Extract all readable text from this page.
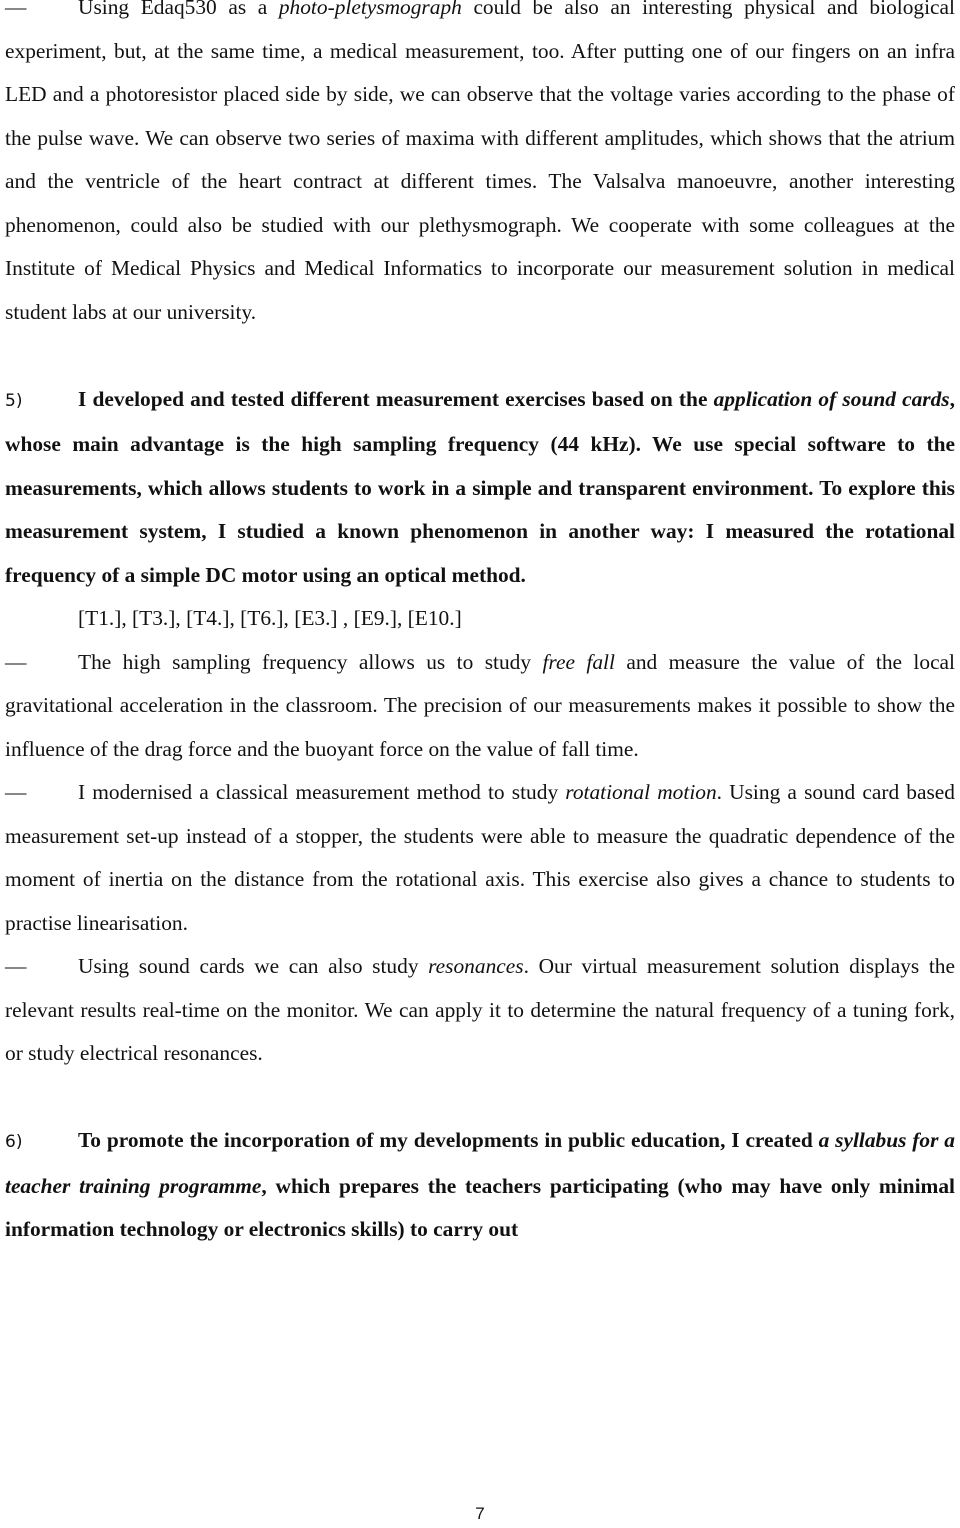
— Using Edaq530 as a photo-pletysmograph could be also an interesting physical and biological experiment, but, at the same time, a medical measurement, too. After putting one of our fingers on an infra LED and a photoresistor placed side by side, we can observe that the voltage varies according to the phase of the pulse wave. We can observe two series of maxima with different amplitudes, which shows that the atrium and the ventricle of the heart contract at different times. The Valsalva manoeuvre, another interesting phenomenon, could also be studied with our plethysmograph. We cooperate with some colleagues at the Institute of Medical Physics and Medical Informatics to incorporate our measurement solution in medical student labs at our university.

5)	I developed and tested different measurement exercises based on the application of sound cards, whose main advantage is the high sampling frequency (44 kHz). We use special software to the measurements, which allows students to work in a simple and transparent environment. To explore this measurement system, I studied a known phenomenon in another way: I measured the rotational frequency of a simple DC motor using an optical method.

[T1.], [T3.], [T4.], [T6.], [E3.] , [E9.], [E10.]

— The high sampling frequency allows us to study free fall and measure the value of the local gravitational acceleration in the classroom. The precision of our measurements makes it possible to show the influence of the drag force and the buoyant force on the value of fall time.

— I modernised a classical measurement method to study rotational motion. Using a sound card based measurement set-up instead of a stopper, the students were able to measure the quadratic dependence of the moment of inertia on the distance from the rotational axis. This exercise also gives a chance to students to practise linearisation.

— Using sound cards we can also study resonances. Our virtual measurement solution displays the relevant results real-time on the monitor. We can apply it to determine the natural frequency of a tuning fork, or study electrical resonances.

6)	To promote the incorporation of my developments in public education, I created a syllabus for a teacher training programme, which prepares the teachers participating (who may have only minimal information technology or electronics skills) to carry out

7
